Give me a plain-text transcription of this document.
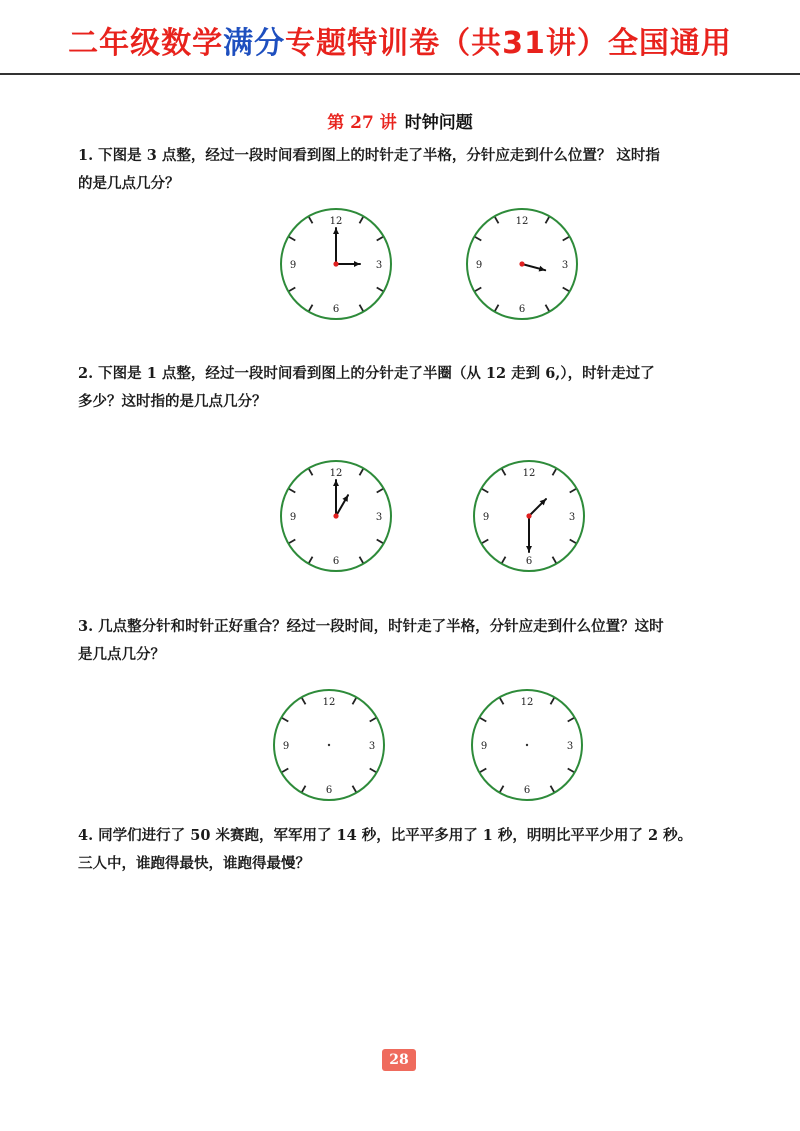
二年级数学满分专题特训卷（共31讲）全国通用
第 27 讲 时钟问题
1. 下图是 3 点整，经过一段时间看到图上的时针走了半格，分针应走到什么位置？ 这时指
的是几点几分？
2. 下图是 1 点整，经过一段时间看到图上的分针走了半圈（从 12 走到 6,），时针走过了
多少？这时指的是几点几分？
3. 几点整分针和时针正好重合？经过一段时间，时针走了半格，分针应走到什么位置？这时
是几点几分？
4. 同学们进行了 50 米赛跑，军军用了 14 秒，比平平多用了 1 秒，明明比平平少用了 2 秒。
三人中，谁跑得最快，谁跑得最慢？
12
3
6
9
12
3
6
9
12
3
6
9
12
3
6
9
12
3
6
9
12
3
6
9
28
